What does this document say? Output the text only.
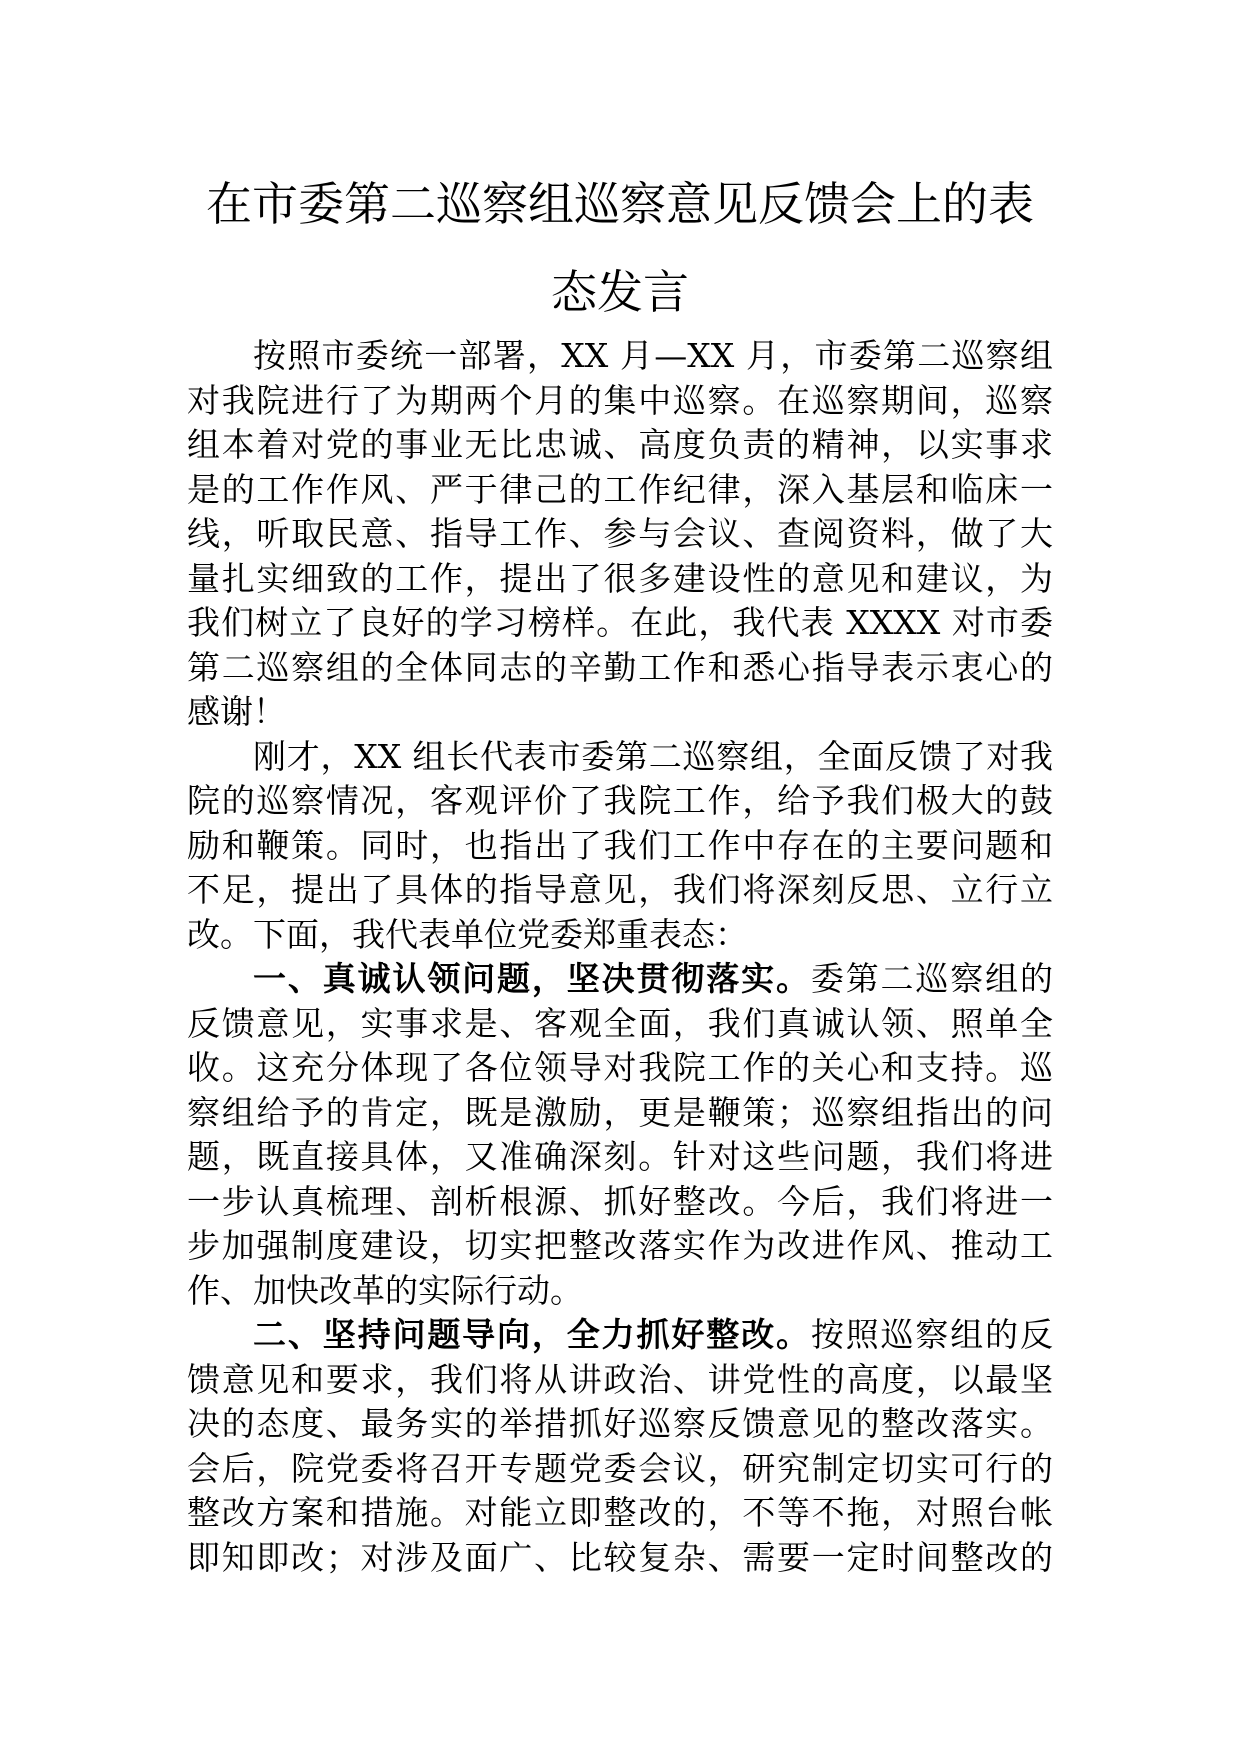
在市委第二巡察组巡察意见反馈会上的表
态发言
按照市委统一部署，XX 月—XX 月，市委第二巡察组
对我院进行了为期两个月的集中巡察。在巡察期间，巡察
组本着对党的事业无比忠诚、高度负责的精神，以实事求
是的工作作风、严于律己的工作纪律，深入基层和临床一
线，听取民意、指导工作、参与会议、查阅资料，做了大
量扎实细致的工作，提出了很多建设性的意见和建议，为
我们树立了良好的学习榜样。在此，我代表 XXXX 对市委
第二巡察组的全体同志的辛勤工作和悉心指导表示衷心的
感谢！
刚才，XX 组长代表市委第二巡察组，全面反馈了对我
院的巡察情况，客观评价了我院工作，给予我们极大的鼓
励和鞭策。同时，也指出了我们工作中存在的主要问题和
不足，提出了具体的指导意见，我们将深刻反思、立行立
改。下面，我代表单位党委郑重表态：
一、真诚认领问题，坚决贯彻落实。委第二巡察组的
反馈意见，实事求是、客观全面，我们真诚认领、照单全
收。这充分体现了各位领导对我院工作的关心和支持。巡
察组给予的肯定，既是激励，更是鞭策；巡察组指出的问
题，既直接具体，又准确深刻。针对这些问题，我们将进
一步认真梳理、剖析根源、抓好整改。今后，我们将进一
步加强制度建设，切实把整改落实作为改进作风、推动工
作、加快改革的实际行动。
二、坚持问题导向，全力抓好整改。按照巡察组的反
馈意见和要求，我们将从讲政治、讲党性的高度，以最坚
决的态度、最务实的举措抓好巡察反馈意见的整改落实。
会后，院党委将召开专题党委会议，研究制定切实可行的
整改方案和措施。对能立即整改的，不等不拖，对照台帐
即知即改；对涉及面广、比较复杂、需要一定时间整改的
